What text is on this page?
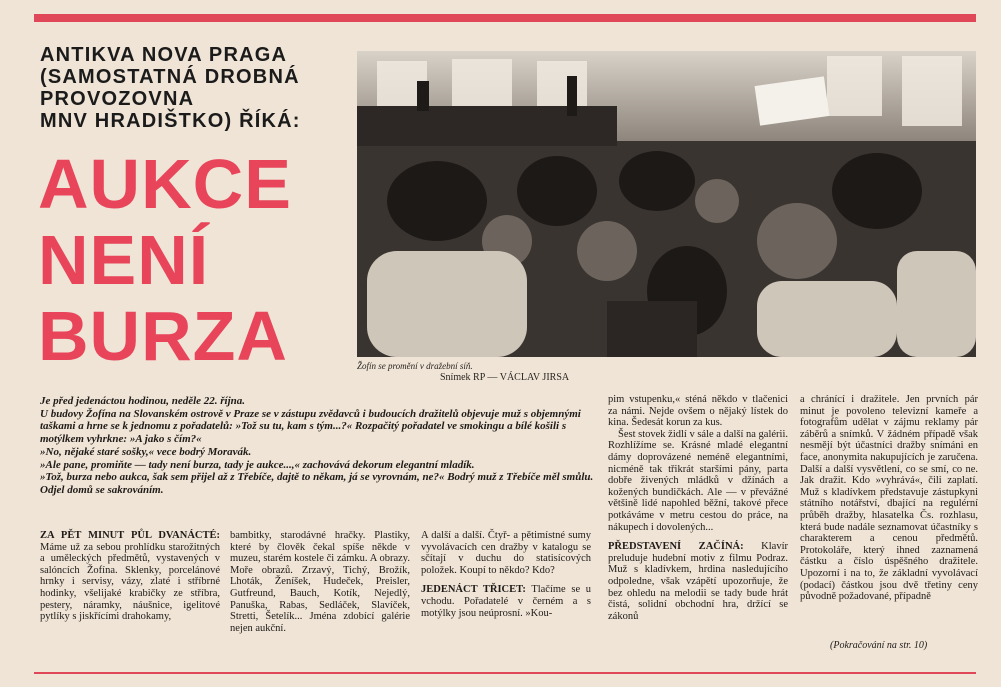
ANTIKVA NOVA PRAGA
(SAMOSTATNÁ DROBNÁ
PROVOZOVNA
MNV HRADIŠTKO) ŘÍKÁ:
AUKCE
NENÍ
BURZA	Žofín se promění v dražební síň.
Snímek RP — VÁCLAV JIRSA

Je před jedenáctou hodinou, neděle 22. října.

U budovy Žofína na Slovanském ostrově v Praze se v zástupu zvědavců i budoucích dražitelů objevuje muž s objemnými taškami a hrne se k jednomu z pořadatelů: »Tož su tu, kam s tým...?« Rozpačitý pořadatel ve smokingu a bílé košili s motýlkem vyhrkne: »A jako s čím?«

»No, nějaké staré sošky,« vece bodrý Moravák.

»Ale pane, promiňte — tady není burza, tady je aukce...,« zachovává dekorum elegantní mladík.

»Tož, burza nebo aukca, šak sem přijel až z Třebíče, dajtě to někam, já se vyrovnám, ne?« Bodrý muž z Třebíče měl smůlu. Odjel domů se sakrováním.

ZA PĚT MINUT PŮL DVANÁCTÉ: Máme už za sebou prohlídku starožitných a uměleckých předmětů, vystavených v salóncích Žofína. Sklenky, porcelánové hrnky i servisy, vázy, zlaté i stříbrné hodinky, všelijaké krabičky ze stříbra, pestery, náramky, náušnice, igelitové pytlíky s jiskřícími drahokamy,

bambitky, starodávné hračky. Plastiky, které by člověk čekal spíše někde v muzeu, starém kostele či zámku. A obrazy. Moře obrazů. Zrzavý, Tichý, Brožík, Lhoták, Ženíšek, Hudeček, Preisler, Gutfreund, Bauch, Kotík, Nejedlý, Panuška, Rabas, Sedláček, Slavíček, Stretti, Šetelík... Jména zdobící galérie nejen aukční.

A další a další. Čtyř- a pětimístné sumy vyvolávacích cen dražby v katalogu se sčítají v duchu do statisícových položek. Koupí to někdo? Kdo?

JEDENÁCT TŘICET: Tlačíme se u vchodu. Pořadatelé v černém a s motýlky jsou neúprosní. »Kou-

pim vstupenku,« sténá někdo v tlačenici za námi. Nejde ovšem o nějaký lístek do kina. Šedesát korun za kus.

Šest stovek židlí v sále a další na galérii. Rozhlížíme se. Krásné mladé elegantní dámy doprovázené neméně elegantními, nicméně tak třikrát staršími pány, parta dobře živených mládků v džínách a kožených bundičkách. Ale — v převážné většině lidé napohled běžní, takové přece potkáváme v metru cestou do práce, na nákupech i dovolených...

PŘEDSTAVENÍ ZAČÍNÁ: Klavír preluduje hudební motiv z filmu Podraz. Muž s kladívkem, hrdina nasledujícího odpoledne, však vzápětí upozorňuje, že bez ohledu na melodii se tady bude hrát čistá, solidní obchodní hra, držící se zákonů

a chránící i dražitele. Jen prvních pár minut je povoleno televizní kameře a fotografům udělat v zájmu reklamy pár záběrů a snímků. V žádném případě však nesmějí být účastníci dražby snímáni en face, anonymita nakupujících je zaručena. Další a další vysvětlení, co se smí, co ne. Jak dražit. Kdo »vyhrává«, čili zaplatí. Muž s kladívkem představuje zástupkyni státního notářství, dbající na regulérní průběh dražby, hlasatelka Čs. rozhlasu, která bude nadále seznamovat účastníky s charakterem a cenou předmětů. Protokoláře, který ihned zaznamená částku a číslo úspěšného dražitele. Upozorní i na to, že základní vyvolávací (podací) částkou jsou dvě třetiny ceny původně požadované, případně

(Pokračování na str. 10)
